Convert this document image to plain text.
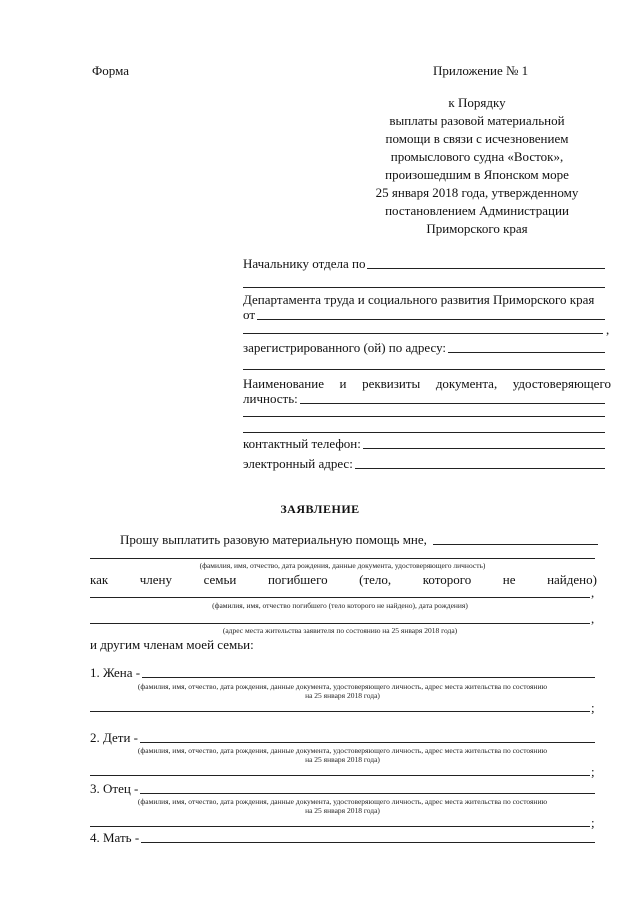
Форма	Приложение № 1
к Порядку
выплаты разовой материальной
помощи в связи с исчезновением
промыслового судна «Восток»,
произошедшим в Японском море
25 января 2018 года, утвержденному
постановлением Администрации
Приморского края
Начальнику отдела по
Департамента труда и социального развития Приморского края
от
,
зарегистрированного (ой) по адресу:
Наименование и реквизиты документа, удостоверяющего
личность:
контактный телефон:
электронный адрес:
ЗАЯВЛЕНИЕ
Прошу выплатить разовую материальную помощь мне,
(фамилия, имя, отчество, дата рождения, данные документа, удостоверяющего личность)
как члену семьи погибшего (тело, которого не найдено)
,
(фамилия, имя, отчество погибшего (тело которого не найдено), дата рождения)
,
(адрес места жительства заявителя по состоянию на 25 января 2018 года)
и другим членам моей семьи:
1. Жена -
(фамилия, имя, отчество, дата рождения, данные документа, удостоверяющего личность, адрес места жительства по состоянию
на 25 января 2018 года)
;
2. Дети -
(фамилия, имя, отчество, дата рождения, данные документа, удостоверяющего личность, адрес места жительства по состоянию
на 25 января 2018 года)
;
3. Отец -
(фамилия, имя, отчество, дата рождения, данные документа, удостоверяющего личность, адрес места жительства по состоянию
на 25 января 2018 года)
;
4. Мать -
